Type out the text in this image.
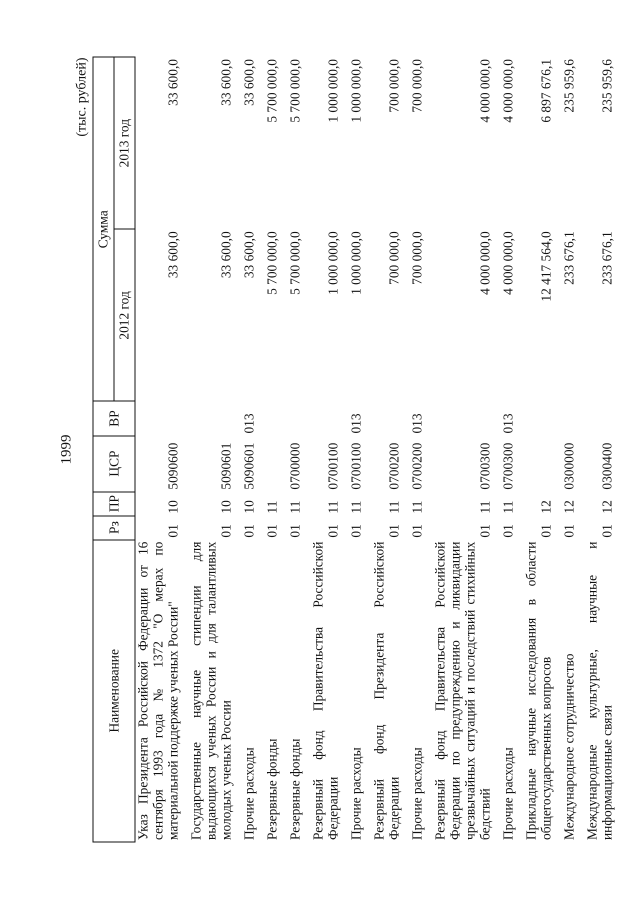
1999
(тыс. рублей)
Наименование	Рз	ПР	ЦСР	ВР	Сумма	
					2012 год	2013 год
Указ Президента Российской Федерации от 16 сентября 1993 года № 1372 "О мерах по материальной поддержке ученых России"	01	10	5090600		33 600,0	33 600,0

Государственные научные стипендии для выдающихся ученых России и для талантливых молодых ученых России	01	10	5090601		33 600,0	33 600,0

Прочие расходы	01	10	5090601	013	33 600,0	33 600,0

Резервные фонды	01	11			5 700 000,0	5 700 000,0

Резервные фонды	01	11	0700000		5 700 000,0	5 700 000,0

Резервный фонд Правительства Российской Федерации	01	11	0700100		1 000 000,0	1 000 000,0

Прочие расходы	01	11	0700100	013	1 000 000,0	1 000 000,0

Резервный фонд Президента Российской Федерации	01	11	0700200		700 000,0	700 000,0

Прочие расходы	01	11	0700200	013	700 000,0	700 000,0

Резервный фонд Правительства Российской Федерации по предупреждению и ликвидации чрезвычайных ситуаций и последствий стихийных бедствий	01	11	0700300		4 000 000,0	4 000 000,0

Прочие расходы	01	11	0700300	013	4 000 000,0	4 000 000,0

Прикладные научные исследования в области общегосударственных вопросов	01	12			12 417 564,0	6 897 676,1

Международное сотрудничество	01	12	0300000		233 676,1	235 959,6

Международные культурные, научные и информационные связи	01	12	0300400		233 676,1	235 959,6
